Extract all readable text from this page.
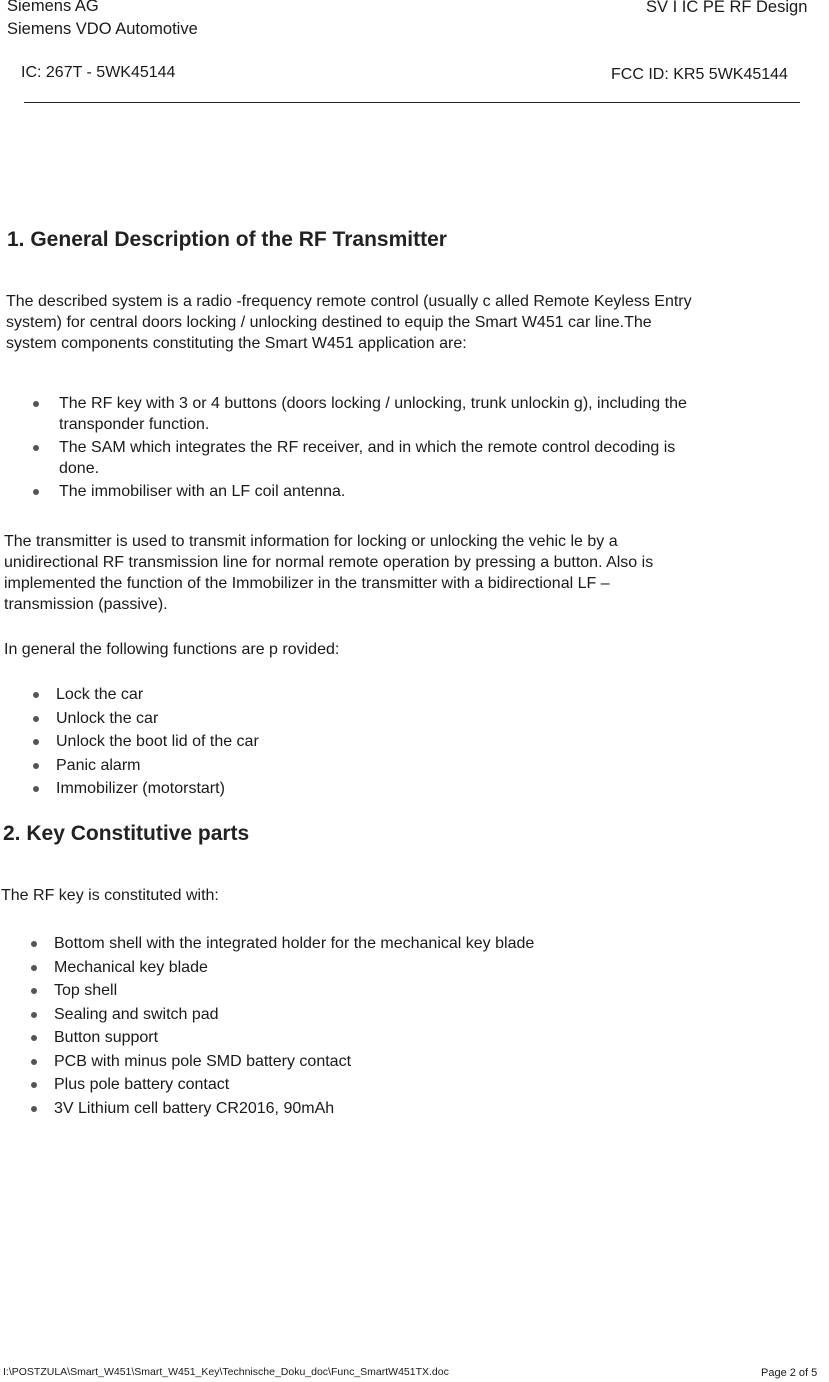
Siemens AG
Siemens VDO Automotive
SV I IC PE RF Design
IC: 267T - 5WK45144	FCC ID: KR5 5WK45144
1. General Description of the RF Transmitter
The described system is a radio -frequency remote control (usually c alled Remote Keyless Entry
system) for central doors locking / unlocking destined to equip the Smart W451 car line.The
system components constituting the Smart W451 application are:
The RF key with 3 or 4 buttons (doors locking / unlocking, trunk unlockin g), including the
transponder function.
The SAM which integrates the RF receiver, and in which the remote control decoding is
done.
The immobiliser with an LF coil antenna.
The transmitter is used to transmit information for locking or unlocking the vehic le by a
unidirectional RF transmission line for normal remote operation by pressing a button. Also is
implemented the function of the Immobilizer in the transmitter with a bidirectional LF –
transmission (passive).
In general the following functions are p rovided:
Lock the car
Unlock the car
Unlock the boot lid of the car
Panic alarm
Immobilizer (motorstart)
2. Key Constitutive parts
The RF key is constituted with:
Bottom shell with the integrated holder for the mechanical key blade
Mechanical key blade
Top shell
Sealing and switch pad
Button support
PCB with minus pole SMD battery contact
Plus pole battery contact
3V Lithium cell battery CR2016, 90mAh
I:\POSTZULA\Smart_W451\Smart_W451_Key\Technische_Doku_doc\Func_SmartW451TX.doc	Page 2 of 5
